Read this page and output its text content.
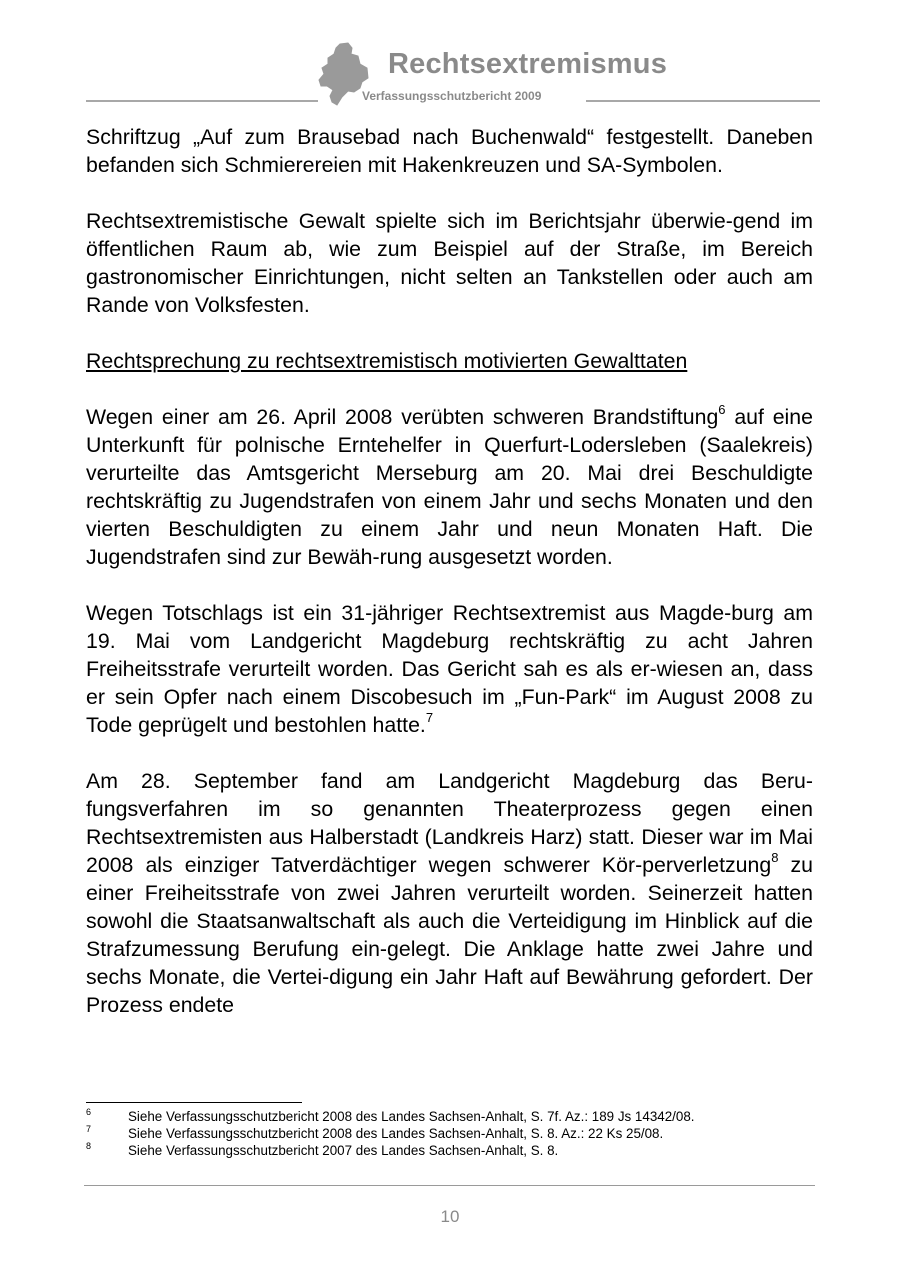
Rechtsextremismus
Verfassungsschutzbericht 2009

Schriftzug „Auf zum Brausebad nach Buchenwald“ festgestellt. Daneben befanden sich Schmierereien mit Hakenkreuzen und SA-​Symbolen.

Rechtsextremistische Gewalt spielte sich im Berichtsjahr überwie-​gend im öffentlichen Raum ab, wie zum Beispiel auf der Straße, im Bereich gastronomischer Einrichtungen, nicht selten an Tankstellen oder auch am Rande von Volksfesten.

Rechtsprechung zu rechtsextremistisch motivierten Gewalttaten

Wegen einer am 26. April 2008 verübten schweren Brandstiftung$^6$ auf eine Unterkunft für polnische Erntehelfer in Querfurt-​Lodersleben (Saalekreis) verurteilte das Amtsgericht Merseburg am 20. Mai drei Beschuldigte rechtskräftig zu Jugendstrafen von einem Jahr und sechs Monaten und den vierten Beschuldigten zu einem Jahr und neun Monaten Haft. Die Jugendstrafen sind zur Bewäh-​rung ausgesetzt worden.

Wegen Totschlags ist ein 31-jähriger Rechtsextremist aus Magde-​burg am 19. Mai vom Landgericht Magdeburg rechtskräftig zu acht Jahren Freiheitsstrafe verurteilt worden. Das Gericht sah es als er-​wiesen an, dass er sein Opfer nach einem Discobesuch im „Fun-​Park“ im August 2008 zu Tode geprügelt und bestohlen hatte.$^7$

Am 28. September fand am Landgericht Magdeburg das Beru-​fungsverfahren im so genannten Theaterprozess gegen einen Rechtsextremisten aus Halberstadt (Landkreis Harz) statt. Dieser war im Mai 2008 als einziger Tatverdächtiger wegen schwerer Kör-​perverletzung$^8$ zu einer Freiheitsstrafe von zwei Jahren verurteilt worden. Seinerzeit hatten sowohl die Staatsanwaltschaft als auch die Verteidigung im Hinblick auf die Strafzumessung Berufung ein-​gelegt. Die Anklage hatte zwei Jahre und sechs Monate, die Vertei-​digung ein Jahr Haft auf Bewährung gefordert. Der Prozess endete

6	Siehe Verfassungsschutzbericht 2008 des Landes Sachsen-Anhalt, S. 7f. Az.: 189 Js 14342/08.
7	Siehe Verfassungsschutzbericht 2008 des Landes Sachsen-Anhalt, S. 8. Az.: 22 Ks 25/08.
8	Siehe Verfassungsschutzbericht 2007 des Landes Sachsen-Anhalt, S. 8.
10
